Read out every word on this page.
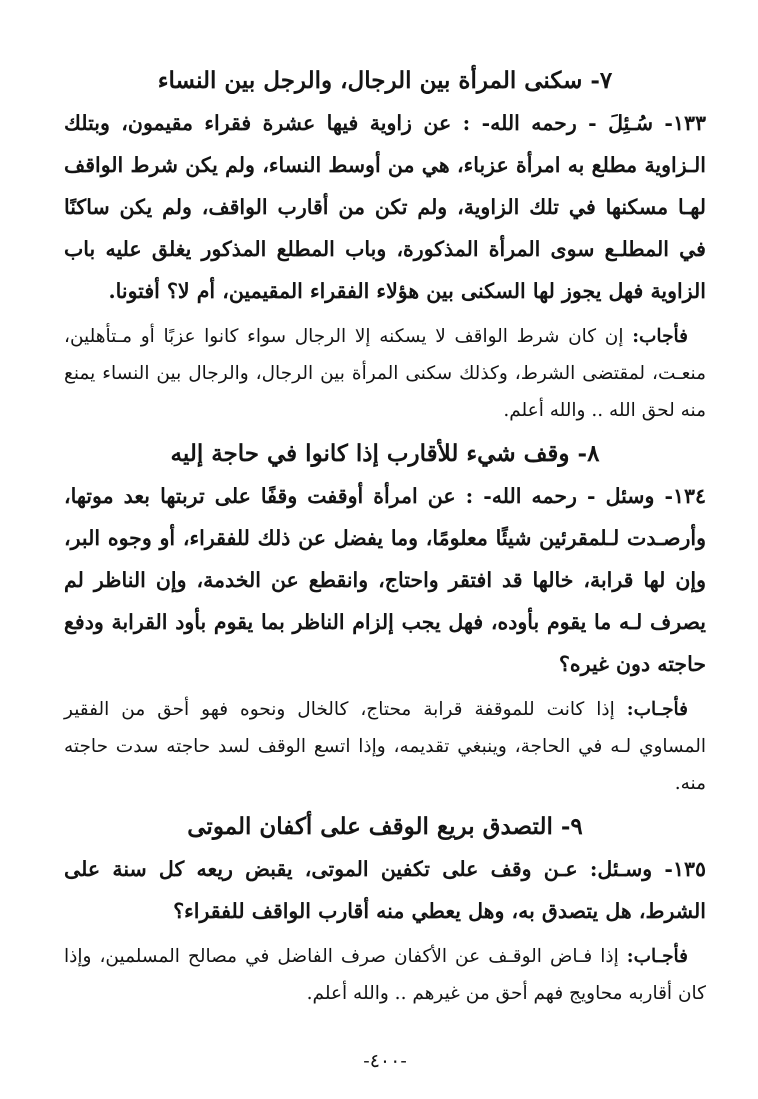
٧- سكنى المرأة بين الرجال، والرجل بين النساء

١٣٣- سُـئِلَ - رحمه الله- : عن زاوية فيها عشرة فقراء مقيمون، وبتلك الـزاوية مطلع به امرأة عزباء، هي من أوسط النساء، ولم يكن شرط الواقف لهـا مسكنها في تلك الزاوية، ولم تكن من أقارب الواقف، ولم يكن ساكنًا في المطلـع سوى المرأة المذكورة، وباب المطلع المذكور يغلق عليه باب الزاوية فهل يجوز لها السكنى بين هؤلاء الفقراء المقيمين، أم لا؟ أفتونا.

فأجاب: إن كان شرط الواقف لا يسكنه إلا الرجال سواء كانوا عزبًا أو مـتأهلين، منعـت، لمقتضى الشرط، وكذلك سكنى المرأة بين الرجال، والرجال بين النساء يمنع منه لحق الله .. والله أعلم.

٨- وقف شيء للأقارب إذا كانوا في حاجة إليه

١٣٤- وسئل - رحمه الله- : عن امرأة أوقفت وقفًا على تربتها بعد موتها، وأرصـدت لـلمقرئين شيئًا معلومًا، وما يفضل عن ذلك للفقراء، أو وجوه البر، وإن لها قرابة، خالها قد افتقر واحتاج، وانقطع عن الخدمة، وإن الناظر لم يصرف لـه ما يقوم بأوده، فهل يجب إلزام الناظر بما يقوم بأود القرابة ودفع حاجته دون غيره؟

فأجـاب: إذا كانت للموقفة قرابة محتاج، كالخال ونحوه فهو أحق من الفقير المساوي لـه في الحاجة، وينبغي تقديمه، وإذا اتسع الوقف لسد حاجته سدت حاجته منه.

٩- التصدق بريع الوقف على أكفان الموتى

١٣٥- وسـئل: عـن وقف على تكفين الموتى، يقبض ريعه كل سنة على الشرط، هل يتصدق به، وهل يعطي منه أقارب الواقف للفقراء؟

فأجـاب: إذا فـاض الوقـف عن الأكفان صرف الفاضل في مصالح المسلمين، وإذا كان أقاربه محاويج فهم أحق من غيرهم .. والله أعلم.

-٤٠٠-
